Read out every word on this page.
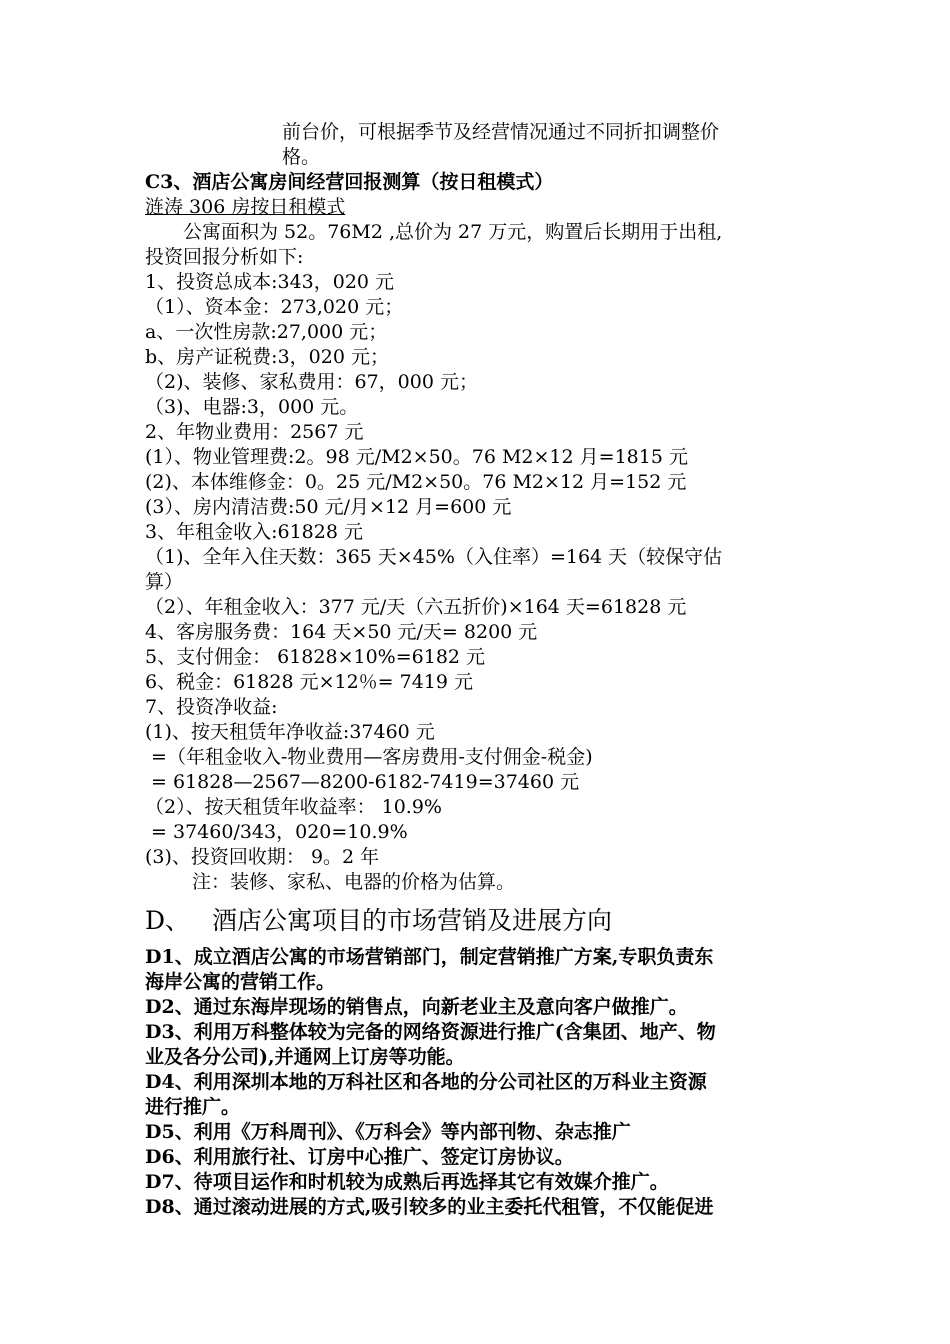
前台价，可根据季节及经营情况通过不同折扣调整价

格。

C3、酒店公寓房间经营回报测算（按日租模式）

涟涛 306 房按日租模式

公寓面积为 52。76M2 ,总价为 27 万元，购置后长期用于出租,

投资回报分析如下:

1、投资总成本:343，020 元

（1）、资本金：273,020 元；

a、一次性房款:27,000 元；

b、房产证税费:3，020 元；

（2)、装修、家私费用：67，000 元；

（3)、电器:3，000 元。

2、年物业费用：2567 元

(1）、物业管理费:2。98 元/M2×50。76 M2×12 月=1815 元

(2)、本体维修金：0。25 元/M2×50。76 M2×12 月=152 元

(3）、房内清洁费:50 元/月×12 月=600 元

3、年租金收入:61828 元

（1)、全年入住天数：365 天×45%（入住率）=164 天（较保守估

算）

（2）、年租金收入：377 元/天（六五折价)×164 天=61828 元

4、客房服务费：164 天×50 元/天= 8200 元

5、支付佣金： 61828×10%=6182 元

6、税金：61828 元×12％= 7419 元

7、投资净收益:

(1)、按天租赁年净收益:37460 元

=（年租金收入-物业费用—客房费用-支付佣金-税金)

= 61828—2567—8200-6182-7419=37460 元

（2）、按天租赁年收益率： 10.9%

= 37460/343，020=10.9%

(3)、投资回收期： 9。2 年

注：装修、家私、电器的价格为估算。

D、 酒店公寓项目的市场营销及进展方向

D1、成立酒店公寓的市场营销部门，制定营销推广方案,专职负责东

海岸公寓的营销工作。

D2、通过东海岸现场的销售点，向新老业主及意向客户做推广。

D3、利用万科整体较为完备的网络资源进行推广(含集团、地产、物

业及各分公司),并通网上订房等功能。

D4、利用深圳本地的万科社区和各地的分公司社区的万科业主资源

进行推广。

D5、利用《万科周刊》、《万科会》等内部刊物、杂志推广

D6、利用旅行社、订房中心推广、签定订房协议。

D7、待项目运作和时机较为成熟后再选择其它有效媒介推广。

D8、通过滚动进展的方式,吸引较多的业主委托代租管，不仅能促进
